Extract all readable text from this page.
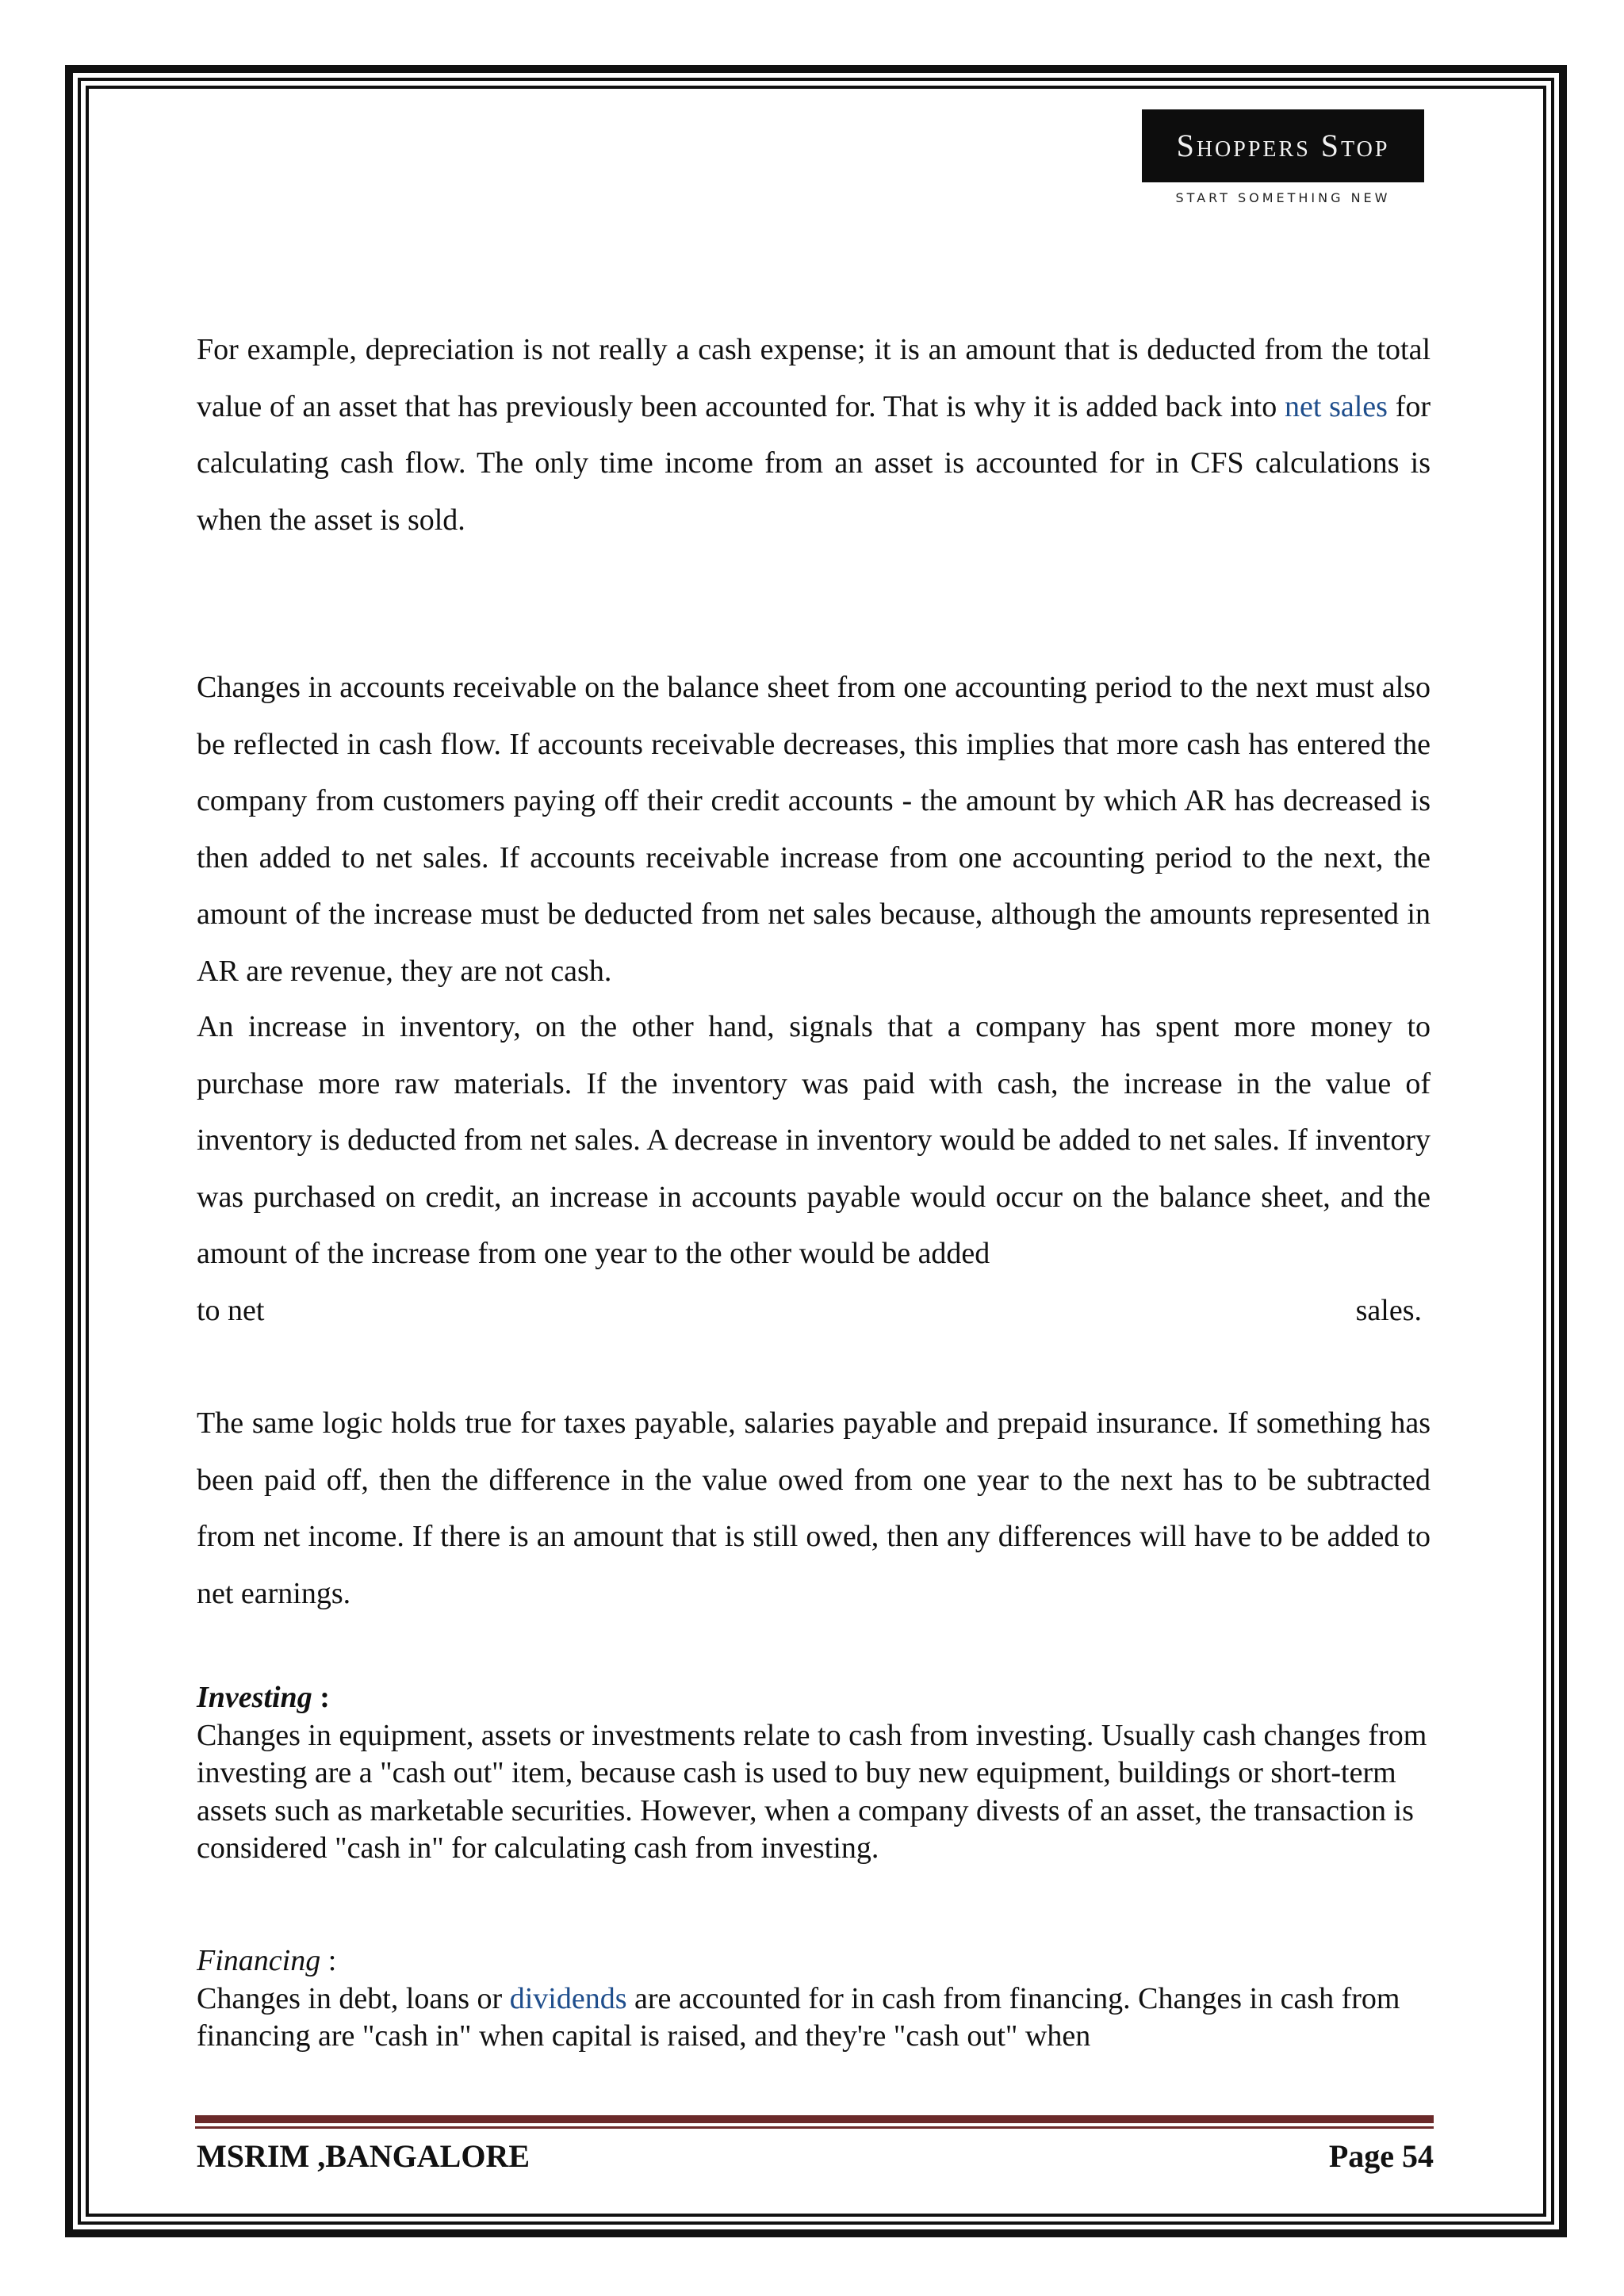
Shoppers Stop
START SOMETHING NEW

For example, depreciation is not really a cash expense; it is an amount that is deducted from the total value of an asset that has previously been accounted for. That is why it is added back into net sales for calculating cash flow. The only time income from an asset is accounted for in CFS calculations is when the asset is sold.

Changes in accounts receivable on the balance sheet from one accounting period to the next must also be reflected in cash flow. If accounts receivable decreases, this implies that more cash has entered the company from customers paying off their credit accounts - the amount by which AR has decreased is then added to net sales. If accounts receivable increase from one accounting period to the next, the amount of the increase must be deducted from net sales because, although the amounts represented in AR are revenue, they are not cash.

An increase in inventory, on the other hand, signals that a company has spent more money to purchase more raw materials. If the inventory was paid with cash, the increase in the value of inventory is deducted from net sales. A decrease in inventory would be added to net sales. If inventory was purchased on credit, an increase in accounts payable would occur on the balance sheet, and the amount of the increase from one year to the other would be added

to net	sales.

The same logic holds true for taxes payable, salaries payable and prepaid insurance. If something has been paid off, then the difference in the value owed from one year to the next has to be subtracted from net income. If there is an amount that is still owed, then any differences will have to be added to net earnings.

Investing :
Changes in equipment, assets or investments relate to cash from investing. Usually cash changes from investing are a "cash out" item, because cash is used to buy new equipment, buildings or short-term assets such as marketable securities. However, when a company divests of an asset, the transaction is considered "cash in" for calculating cash from investing.
Financing :
Changes in debt, loans or dividends are accounted for in cash from financing. Changes in cash from financing are "cash in" when capital is raised, and they're "cash out" when
MSRIM ,BANGALORE	Page 54
